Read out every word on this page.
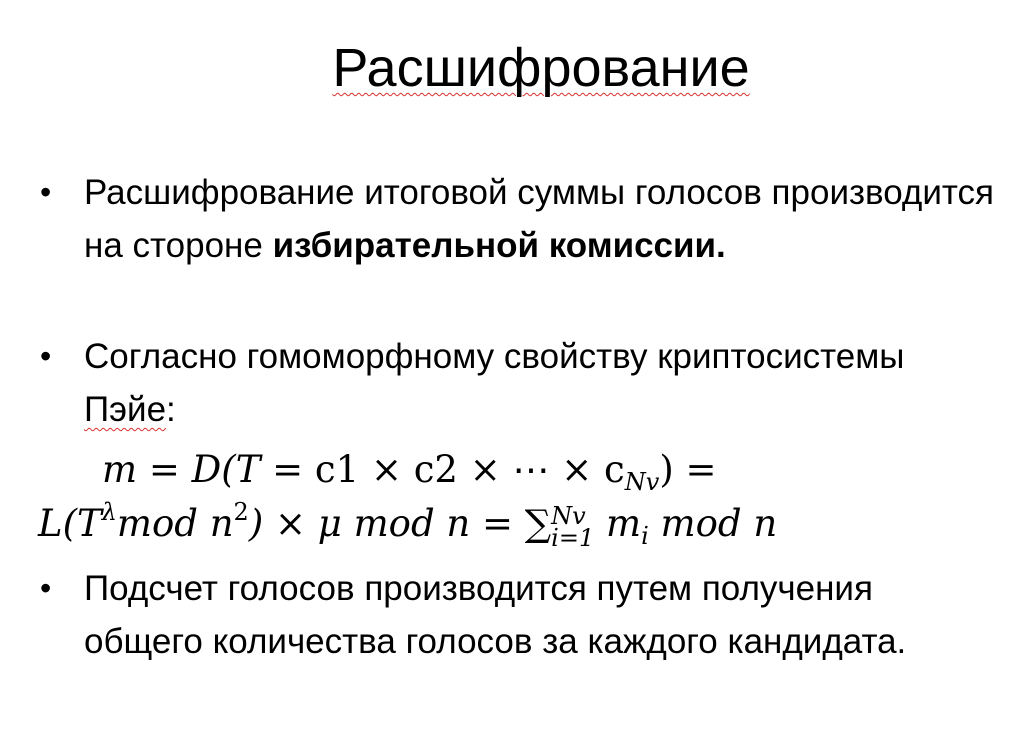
Расшифрование
• Расшифрование итоговой суммы голосов производится на стороне избирательной комиссии.
• Согласно гомоморфному свойству криптосистемы Пэйе:
m = D(T = c1 × c2 × ⋯ × $c_{Nv}$) =
$L(T^\lambda mod$ $n^2) \times \mu$ mod n = ∑Nv
i=1 $m_i$ mod n
• Подсчет голосов производится путем получения общего количества голосов за каждого кандидата.
